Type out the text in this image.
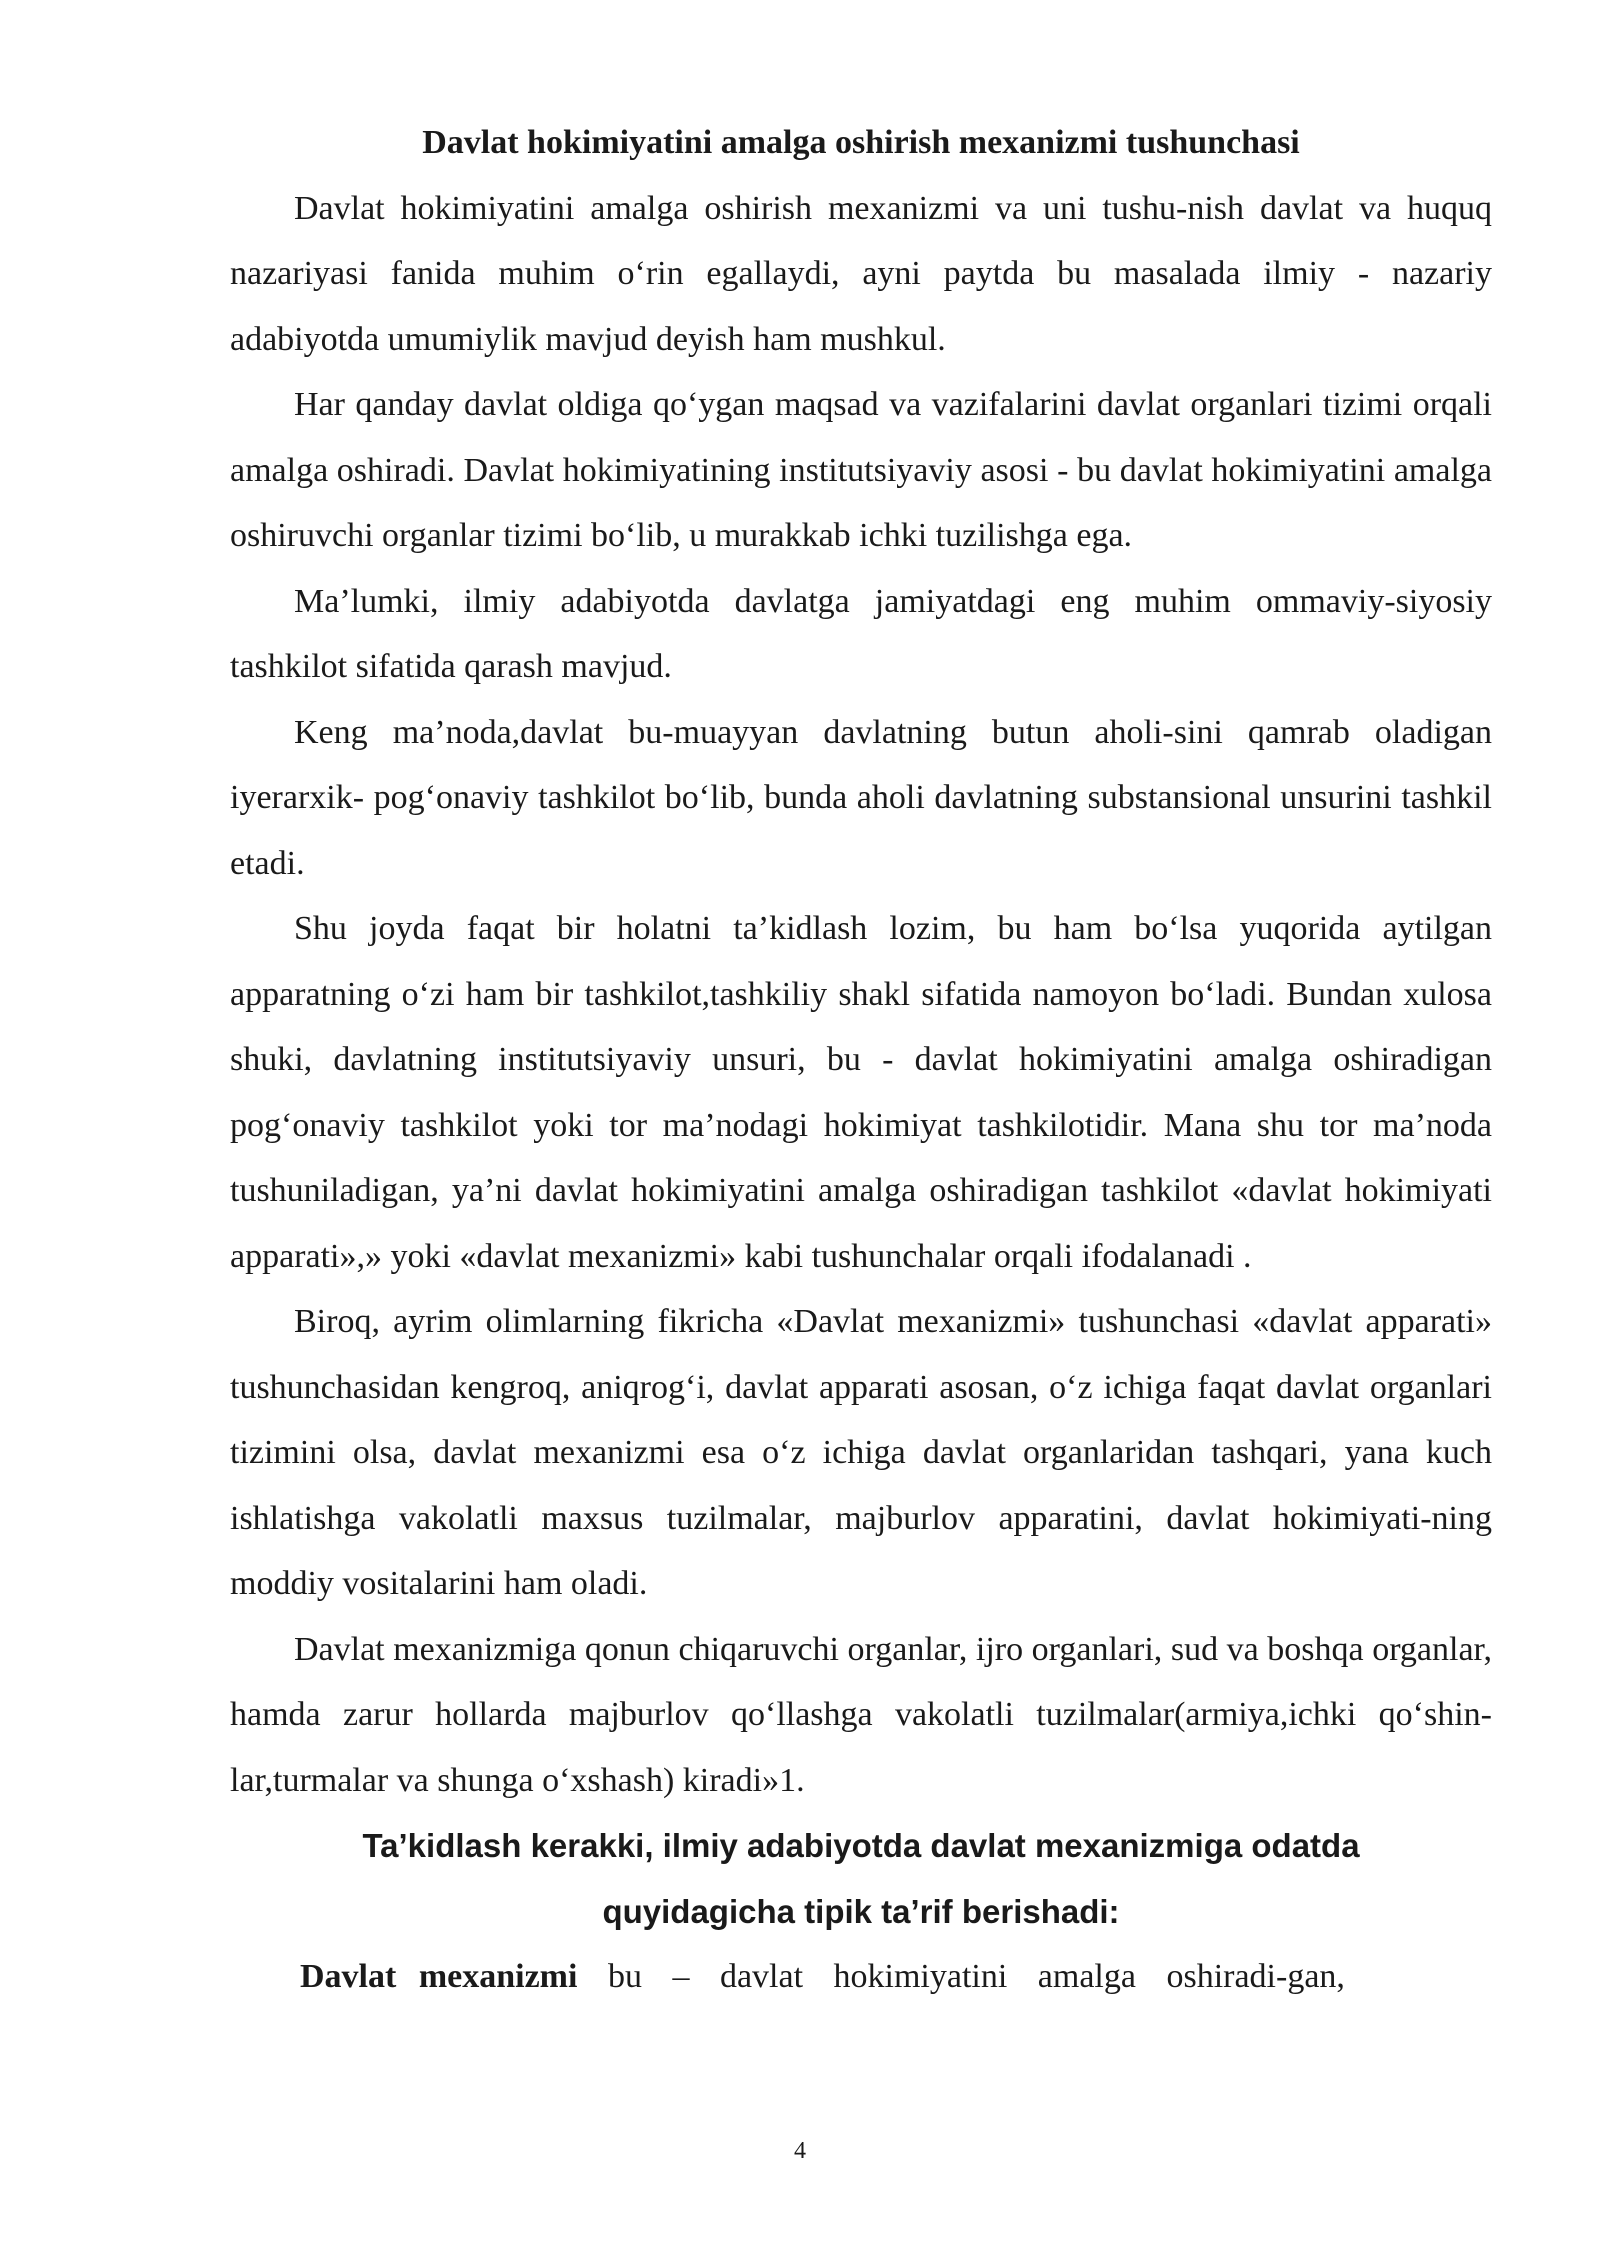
Davlat hokimiyatini amalga oshirish mexanizmi tushunchasi

Davlat hokimiyatini amalga oshirish mexanizmi va uni tushu-nish davlat va huquq nazariyasi fanida muhim o‘rin egallaydi, ayni paytda bu masalada ilmiy - nazariy adabiyotda umumiylik mavjud deyish ham mushkul.

Har qanday davlat oldiga qo‘ygan maqsad va vazifalarini davlat organlari tizimi orqali amalga oshiradi. Davlat hokimiyatining institutsiyaviy asosi - bu davlat hokimiyatini amalga oshiruvchi organlar tizimi bo‘lib, u murakkab ichki tuzilishga ega.

Ma’lumki, ilmiy adabiyotda davlatga jamiyatdagi eng muhim ommaviy-siyosiy tashkilot sifatida qarash mavjud.

Keng ma’noda,davlat bu-muayyan davlatning butun aholi-sini qamrab oladigan iyerarxik- pog‘onaviy tashkilot bo‘lib, bunda aholi davlatning substansional unsurini tashkil etadi.

Shu joyda faqat bir holatni ta’kidlash lozim, bu ham bo‘lsa yuqorida aytilgan apparatning o‘zi ham bir tashkilot,tashkiliy shakl sifatida namoyon bo‘ladi. Bundan xulosa shuki, davlatning institutsiyaviy unsuri, bu - davlat hokimiyatini amalga oshiradigan pog‘onaviy tashkilot yoki tor ma’nodagi hokimiyat tashkilotidir. Mana shu tor ma’noda tushuniladigan, ya’ni davlat hokimiyatini amalga oshiradigan tashkilot «davlat hokimiyati apparati»,» yoki «davlat mexanizmi» kabi tushunchalar orqali ifodalanadi .

Biroq, ayrim olimlarning fikricha «Davlat mexanizmi» tushunchasi «davlat apparati» tushunchasidan kengroq, aniqrog‘i, davlat apparati asosan, o‘z ichiga faqat davlat organlari tizimini olsa, davlat mexanizmi esa o‘z ichiga davlat organlaridan tashqari, yana kuch ishlatishga vakolatli maxsus tuzilmalar, majburlov apparatini, davlat hokimiyati-ning moddiy vositalarini ham oladi.

Davlat mexanizmiga qonun chiqaruvchi organlar, ijro organlari, sud va boshqa organlar, hamda zarur hollarda majburlov qo‘llashga vakolatli tuzilmalar(armiya,ichki qo‘shin-lar,turmalar va shunga o‘xshash) kiradi»1.

Ta’kidlash kerakki, ilmiy adabiyotda davlat mexanizmiga odatda

quyidagicha tipik ta’rif berishadi:

Davlat mexanizmi bu – davlat hokimiyatini amalga oshiradi-gan,

4
